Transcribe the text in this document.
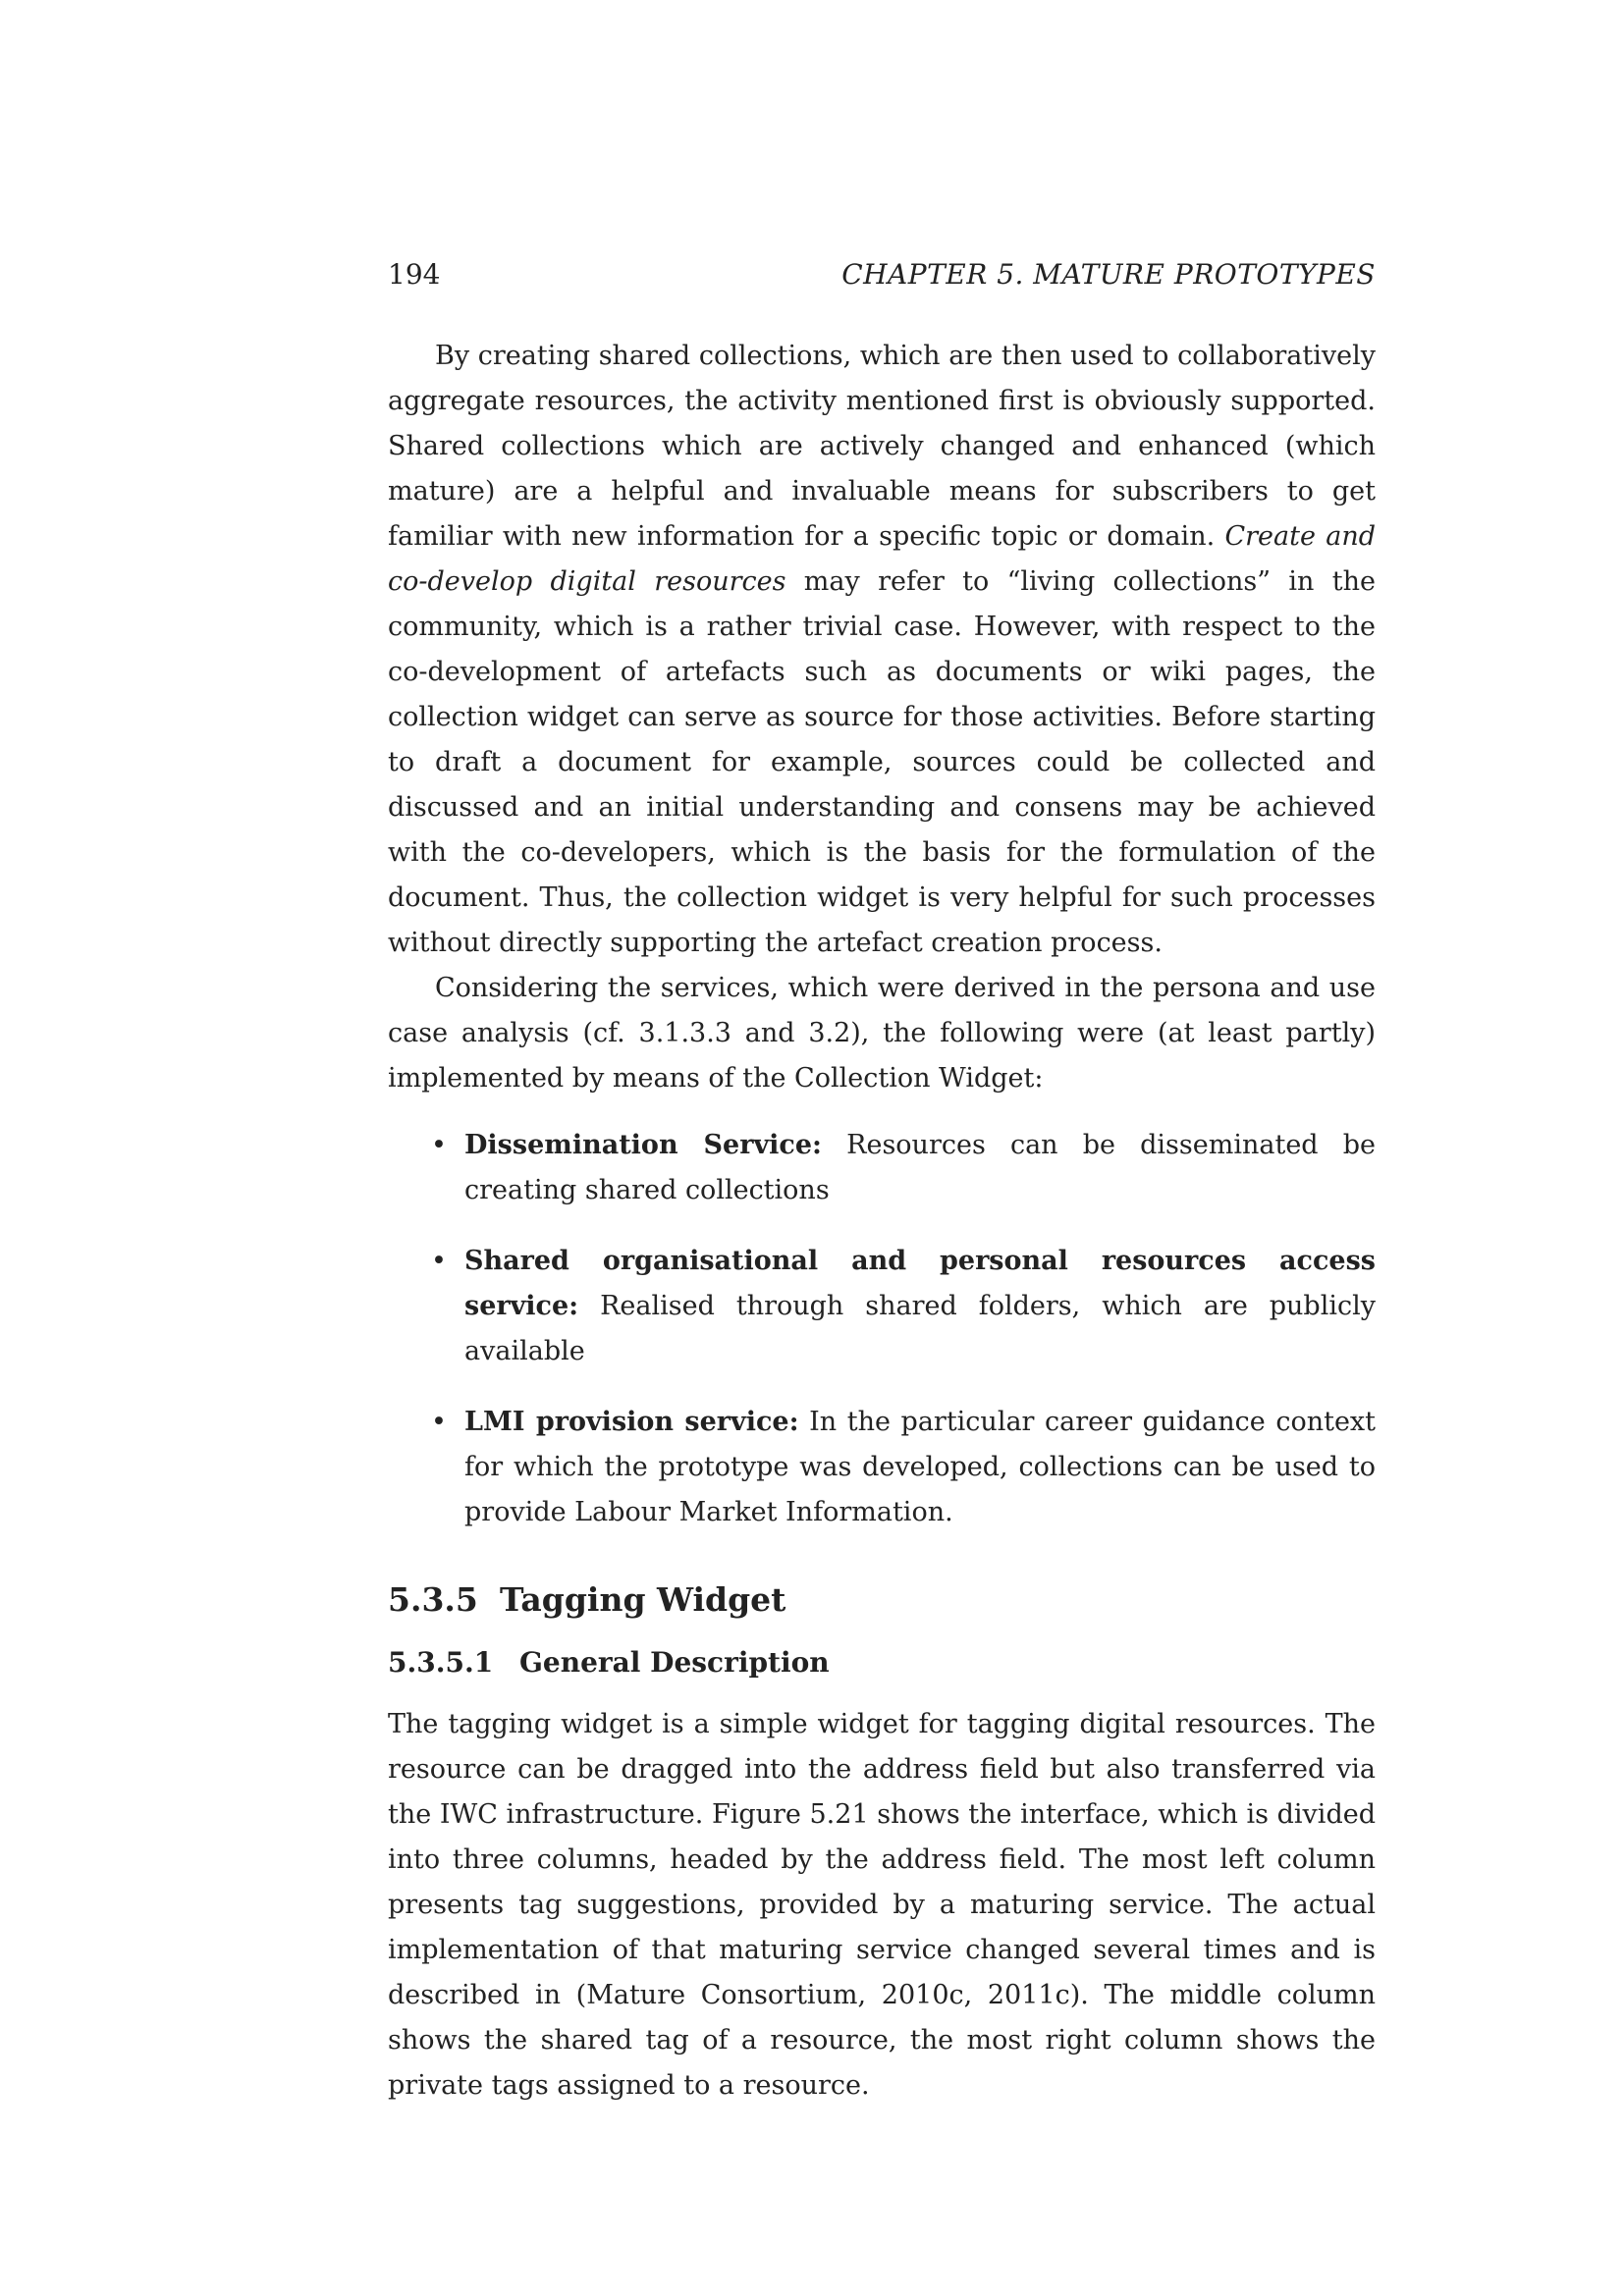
194	CHAPTER 5. MATURE PROTOTYPES

By creating shared collections, which are then used to collaboratively aggregate resources, the activity mentioned first is obviously supported. Shared collections which are actively changed and enhanced (which mature) are a helpful and invaluable means for subscribers to get familiar with new information for a specific topic or domain. Create and co-develop digital resources may refer to “living collections” in the community, which is a rather trivial case. However, with respect to the co-development of artefacts such as documents or wiki pages, the collection widget can serve as source for those activities. Before starting to draft a document for example, sources could be collected and discussed and an initial understanding and consens may be achieved with the co-developers, which is the basis for the formulation of the document. Thus, the collection widget is very helpful for such processes without directly supporting the artefact creation process.

Considering the services, which were derived in the persona and use case analysis (cf. 3.1.3.3 and 3.2), the following were (at least partly) implemented by means of the Collection Widget:

• Dissemination Service: Resources can be disseminated be creating shared collections
• Shared organisational and personal resources access service: Realised through shared folders, which are publicly available
• LMI provision service: In the particular career guidance context for which the prototype was developed, collections can be used to provide Labour Market Information.
5.3.5 Tagging Widget
5.3.5.1 General Description

The tagging widget is a simple widget for tagging digital resources. The resource can be dragged into the address field but also transferred via the IWC infrastructure. Figure 5.21 shows the interface, which is divided into three columns, headed by the address field. The most left column presents tag suggestions, provided by a maturing service. The actual implementation of that maturing service changed several times and is described in (Mature Consortium, 2010c, 2011c). The middle column shows the shared tag of a resource, the most right column shows the private tags assigned to a resource.
